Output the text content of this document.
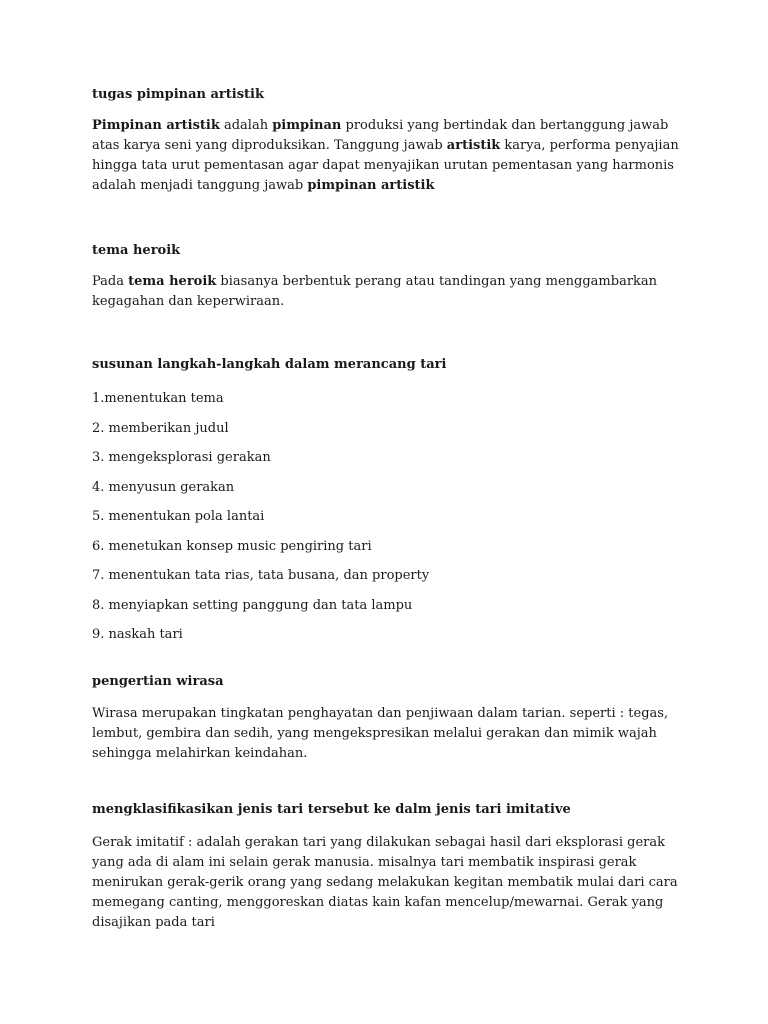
tugas pimpinan artistik

Pimpinan artistik adalah pimpinan produksi yang bertindak dan bertanggung jawab atas karya seni yang diproduksikan. Tanggung jawab artistik karya, performa penyajian hingga tata urut pementasan agar dapat menyajikan urutan pementasan yang harmonis adalah menjadi tanggung jawab pimpinan artistik

tema heroik

Pada tema heroik biasanya berbentuk perang atau tandingan yang menggambarkan kegagahan dan keperwiraan.

susunan langkah-langkah dalam merancang tari

1.menentukan tema

2. memberikan judul

3. mengeksplorasi gerakan

4. menyusun gerakan

5. menentukan pola lantai

6. menetukan konsep music pengiring tari

7. menentukan tata rias, tata busana, dan property

8. menyiapkan setting panggung dan tata lampu

9. naskah tari

pengertian wirasa

Wirasa merupakan tingkatan penghayatan dan penjiwaan dalam tarian. seperti : tegas, lembut, gembira dan sedih, yang mengekspresikan melalui gerakan dan mimik wajah sehingga melahirkan keindahan.

mengklasifikasikan jenis tari tersebut ke dalm jenis tari imitative

Gerak imitatif : adalah gerakan tari yang dilakukan sebagai hasil dari eksplorasi gerak yang ada di alam ini selain gerak manusia. misalnya tari membatik inspirasi gerak menirukan gerak-gerik orang yang sedang melakukan kegitan membatik mulai dari cara memegang canting, menggoreskan diatas kain kafan mencelup/mewarnai. Gerak yang disajikan pada tari
